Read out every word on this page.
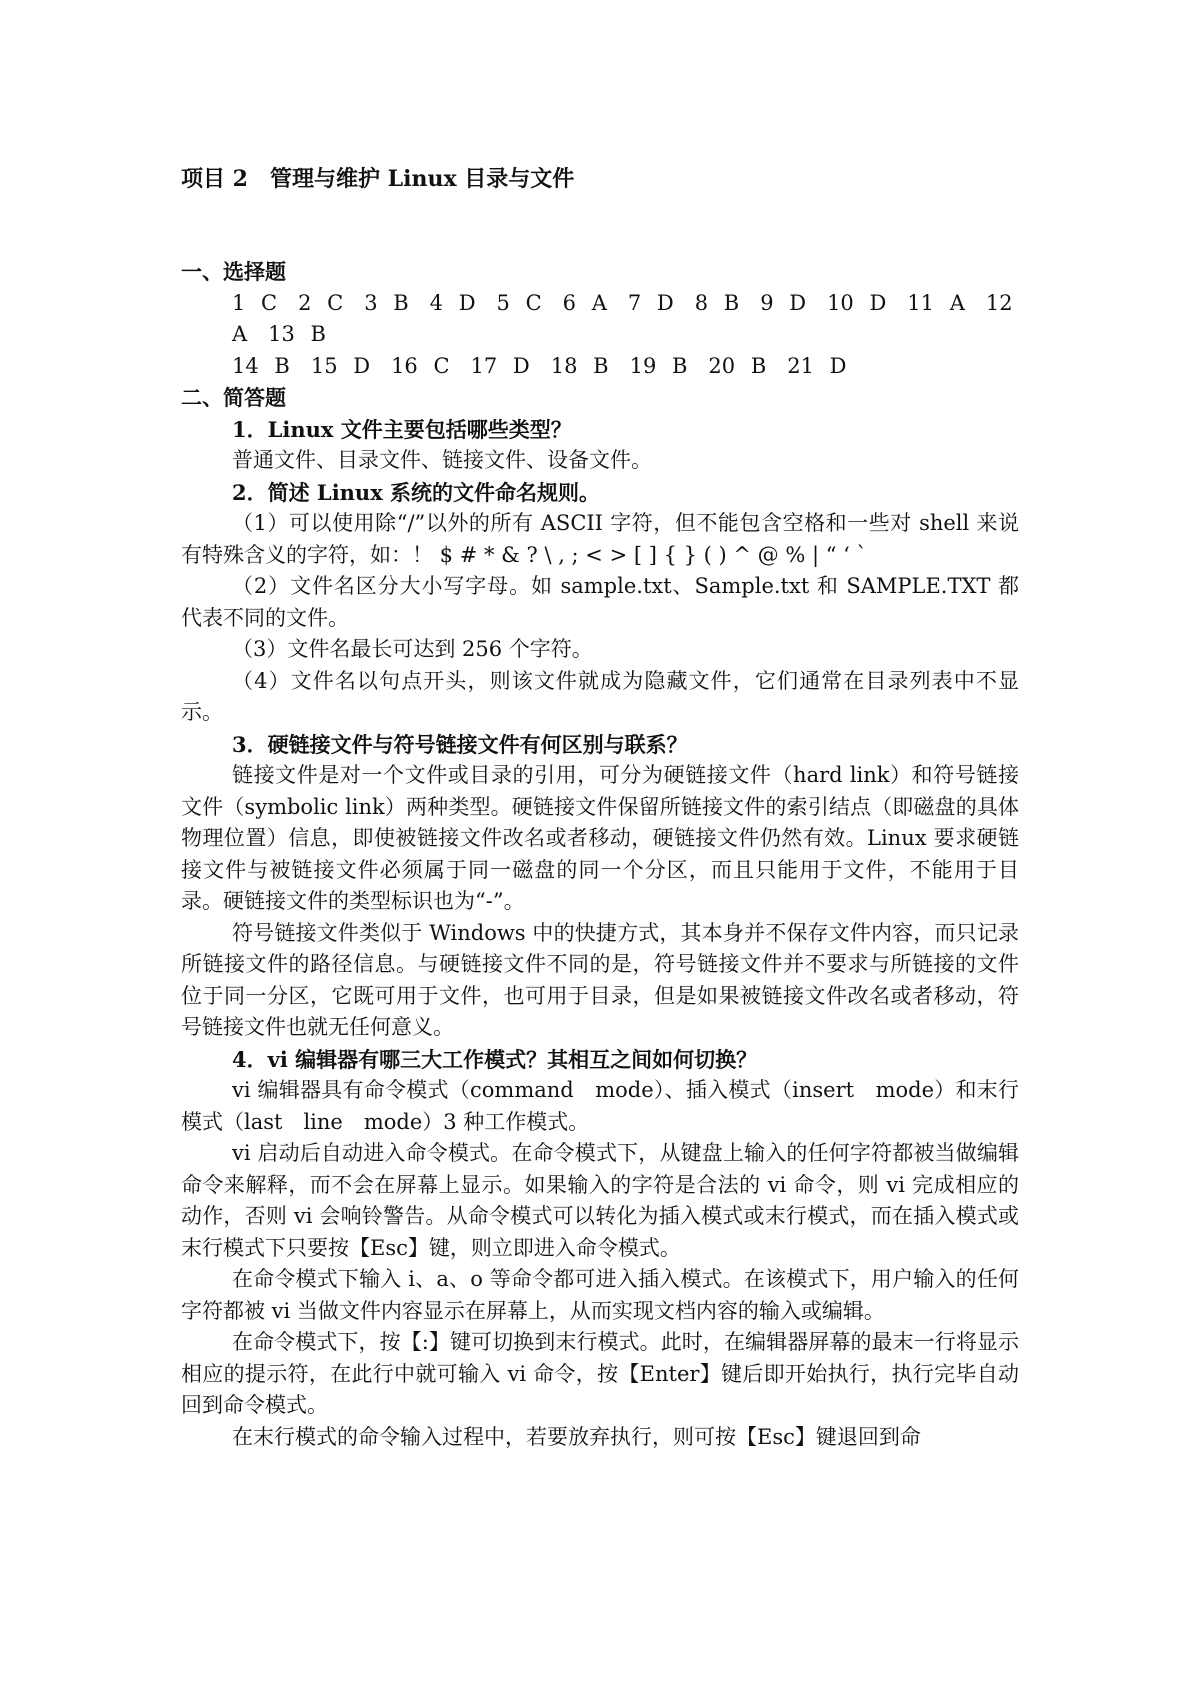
项目 2　管理与维护 Linux 目录与文件

一、选择题

1 C　2 C　3 B　4 D　5 C　6 A　7 D　8 B　9 D　10 D　11 A　12 A　13 B

14 B　15 D　16 C　17 D　18 B　19 B　20 B　21 D

二、简答题

1．Linux 文件主要包括哪些类型？

普通文件、目录文件、链接文件、设备文件。

2．简述 Linux 系统的文件命名规则。

（1）可以使用除“/”以外的所有 ASCII 字符，但不能包含空格和一些对 shell 来说有特殊含义的字符，如：！ $ # * & ? \ , ; < > [ ] { } ( ) ^ @ % | “ ‘ `

（2）文件名区分大小写字母。如 sample.txt、Sample.txt 和 SAMPLE.TXT 都代表不同的文件。

（3）文件名最长可达到 256 个字符。

（4）文件名以句点开头，则该文件就成为隐藏文件，它们通常在目录列表中不显示。

3．硬链接文件与符号链接文件有何区别与联系？

链接文件是对一个文件或目录的引用，可分为硬链接文件（hard link）和符号链接文件（symbolic link）两种类型。硬链接文件保留所链接文件的索引结点（即磁盘的具体物理位置）信息，即使被链接文件改名或者移动，硬链接文件仍然有效。Linux 要求硬链接文件与被链接文件必须属于同一磁盘的同一个分区，而且只能用于文件，不能用于目录。硬链接文件的类型标识也为“-”。

符号链接文件类似于 Windows 中的快捷方式，其本身并不保存文件内容，而只记录所链接文件的路径信息。与硬链接文件不同的是，符号链接文件并不要求与所链接的文件位于同一分区，它既可用于文件，也可用于目录，但是如果被链接文件改名或者移动，符号链接文件也就无任何意义。

4．vi 编辑器有哪三大工作模式？其相互之间如何切换？

vi 编辑器具有命令模式（command　mode）、插入模式（insert　mode）和末行模式（last　line　mode）3 种工作模式。

vi 启动后自动进入命令模式。在命令模式下，从键盘上输入的任何字符都被当做编辑命令来解释，而不会在屏幕上显示。如果输入的字符是合法的 vi 命令，则 vi 完成相应的动作，否则 vi 会响铃警告。从命令模式可以转化为插入模式或末行模式，而在插入模式或末行模式下只要按【Esc】键，则立即进入命令模式。

在命令模式下输入 i、a、o 等命令都可进入插入模式。在该模式下，用户输入的任何字符都被 vi 当做文件内容显示在屏幕上，从而实现文档内容的输入或编辑。

在命令模式下，按【:】键可切换到末行模式。此时，在编辑器屏幕的最末一行将显示相应的提示符，在此行中就可输入 vi 命令，按【Enter】键后即开始执行，执行完毕自动回到命令模式。

在末行模式的命令输入过程中，若要放弃执行，则可按【Esc】键退回到命
